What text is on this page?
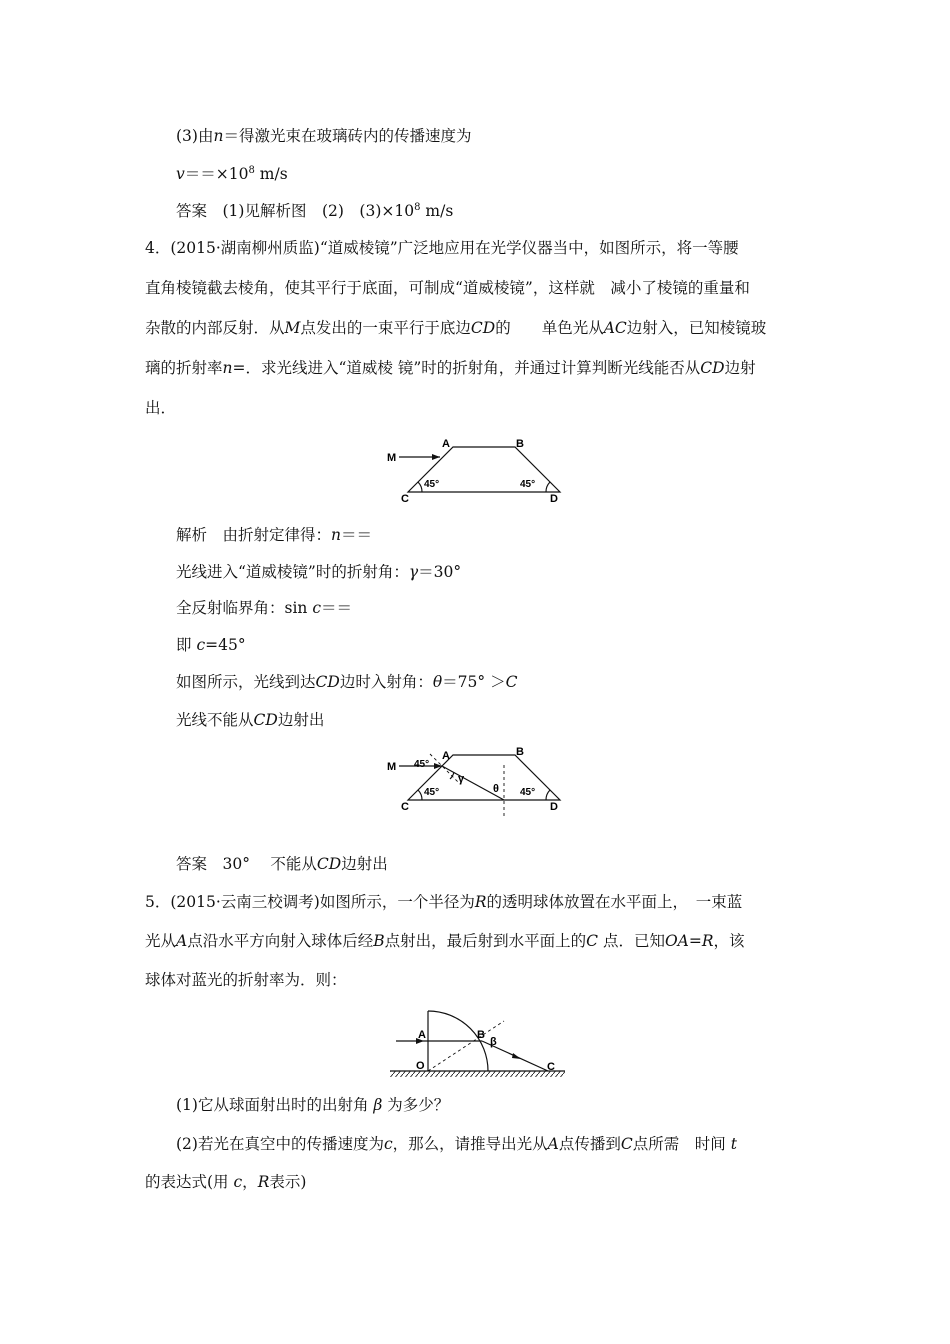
(3)由n＝得激光束在玻璃砖内的传播速度为
$v==\times 10^8$ m/s
答案　(1)见解析图　(2)　$(3)\times 10^8$ m/s
4．(2015·湖南柳州质监)“道威棱镜”广泛地应用在光学仪器当中，如图所示，将一等腰
直角棱镜截去棱角，使其平行于底面，可制成“道威棱镜”，这样就　减小了棱镜的重量和
杂散的内部反射．从M点发出的一束平行于底边CD的　　单色光从AC边射入，已知棱镜玻
璃的折射率n=．求光线进入“道威棱 镜”时的折射角，并通过计算判断光线能否从CD边射
出．
M
A	B
C	D
45°	45°
解析　由折射定律得：n＝＝
光线进入“道威棱镜”时的折射角：γ＝30°
全反射临界角：sin c＝＝
即 c=45°
如图所示，光线到达CD边时入射角：θ＝75° ＞C
光线不能从CD边射出
M
A	B
C	D
45°
45°	45°
γ
θ
答案　30°　 不能从CD边射出
5．(2015·云南三校调考)如图所示，一个半径为R的透明球体放置在水平面上，　一束蓝
光从A点沿水平方向射入球体后经B点射出，最后射到水平面上的C 点．已知OA=R，该
球体对蓝光的折射率为．则：
A	B
O	C
β
(1)它从球面射出时的出射角 β 为多少？
(2)若光在真空中的传播速度为c，那么，请推导出光从A点传播到C点所需　时间 t
的表达式(用 c，R表示)
